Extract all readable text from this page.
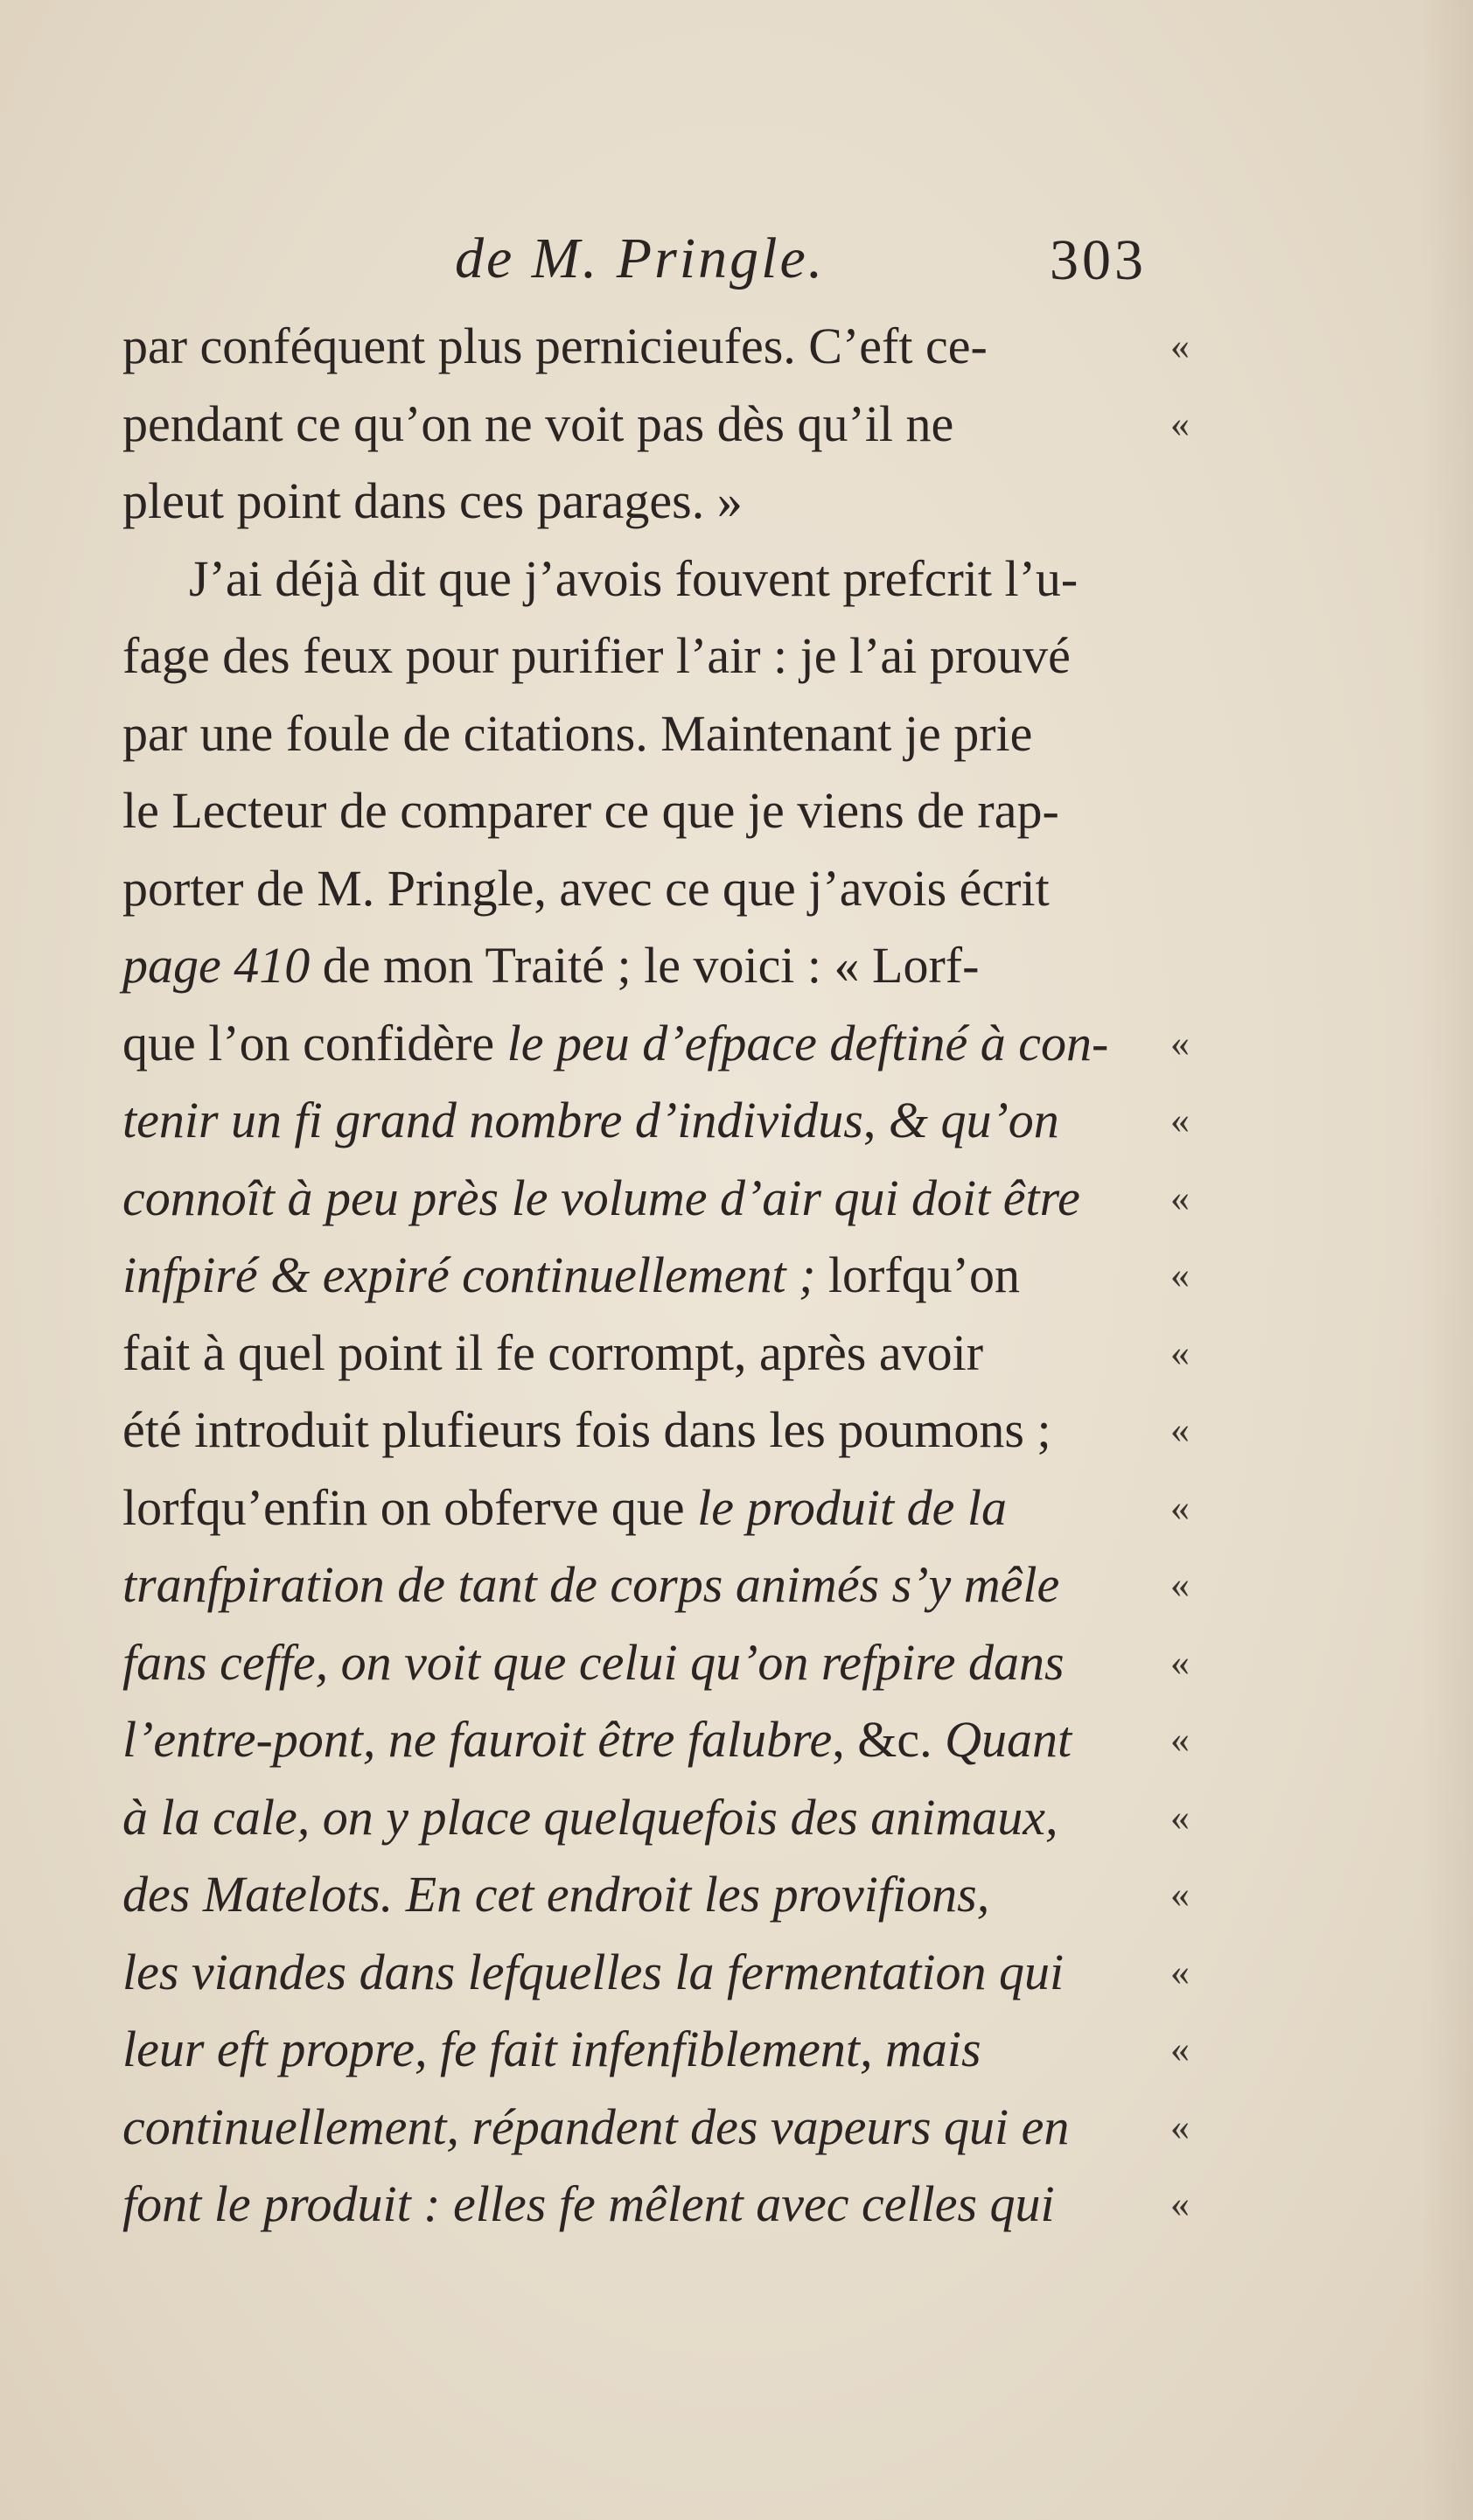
de M. Pringle.	303
par conféquent plus pernicieufes. C’eft ce-	«
pendant ce qu’on ne voit pas dès qu’il ne	«
pleut point dans ces parages. »
J’ai déjà dit que j’avois fouvent prefcrit l’u-
fage des feux pour purifier l’air : je l’ai prouvé
par une foule de citations. Maintenant je prie
le Lecteur de comparer ce que je viens de rap-
porter de M. Pringle, avec ce que j’avois écrit
page 410 de mon Traité ; le voici : « Lorf-
que l’on confidère le peu d’efpace deftiné à con- «
tenir un fi grand nombre d’individus, & qu’on	«
connoît à peu près le volume d’air qui doit être «
infpiré & expiré continuellement ; lorfqu’on	«
fait à quel point il fe corrompt, après avoir	«
été introduit plufieurs fois dans les poumons ;	«
lorfqu’enfin on obferve que le produit de la	«
tranfpiration de tant de corps animés s’y mêle	«
fans ceffe, on voit que celui qu’on refpire dans	«
l’entre-pont, ne fauroit être falubre, &c. Quant	«
à la cale, on y place quelquefois des animaux,	«
des Matelots. En cet endroit les provifions,	«
les viandes dans lefquelles la fermentation qui	«
leur eft propre, fe fait infenfiblement, mais	«
continuellement, répandent des vapeurs qui en	«
font le produit : elles fe mêlent avec celles qui	«
